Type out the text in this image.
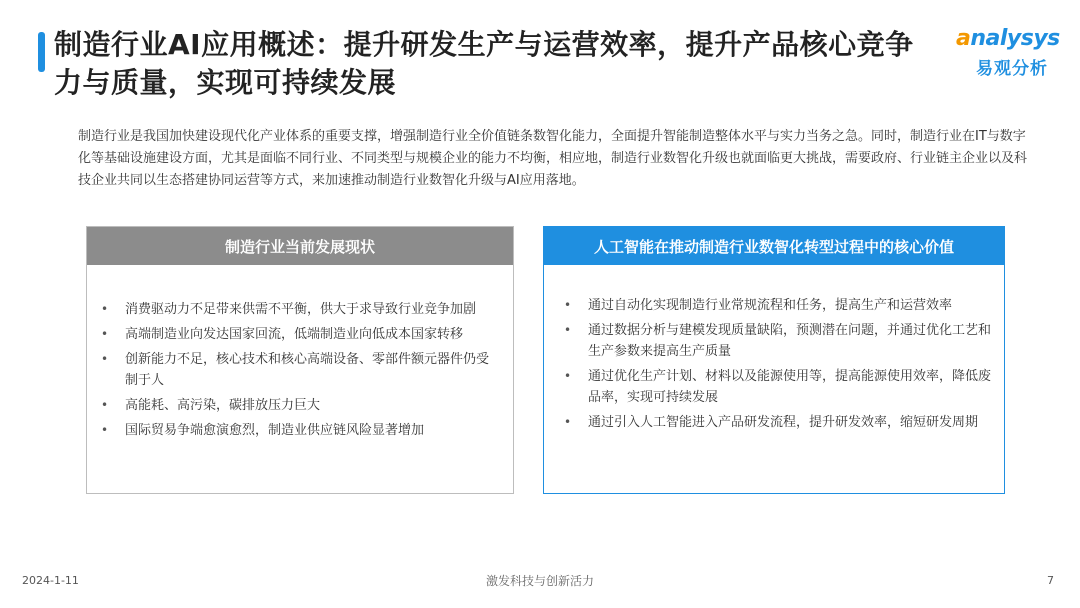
制造行业AI应用概述：提升研发生产与运营效率，提升产品核心竞争力与质量，实现可持续发展
analysys
易观分析
制造行业是我国加快建设现代化产业体系的重要支撑，增强制造行业全价值链条数智化能力，全面提升智能制造整体水平与实力当务之急。同时，制造行业在IT与数字化等基础设施建设方面，尤其是面临不同行业、不同类型与规模企业的能力不均衡，相应地，制造行业数智化升级也就面临更大挑战，需要政府、行业链主企业以及科技企业共同以生态搭建协同运营等方式，来加速推动制造行业数智化升级与AI应用落地。
制造行业当前发展现状
• 消费驱动力不足带来供需不平衡，供大于求导致行业竞争加剧
• 高端制造业向发达国家回流，低端制造业向低成本国家转移
• 创新能力不足，核心技术和核心高端设备、零部件额元器件仍受制于人
• 高能耗、高污染，碳排放压力巨大
• 国际贸易争端愈演愈烈，制造业供应链风险显著增加
人工智能在推动制造行业数智化转型过程中的核心价值
• 通过自动化实现制造行业常规流程和任务，提高生产和运营效率
• 通过数据分析与建模发现质量缺陷，预测潜在问题，并通过优化工艺和生产参数来提高生产质量
• 通过优化生产计划、材料以及能源使用等，提高能源使用效率，降低废品率，实现可持续发展
• 通过引入人工智能进入产品研发流程，提升研发效率，缩短研发周期
2024-1-11	激发科技与创新活力	7
